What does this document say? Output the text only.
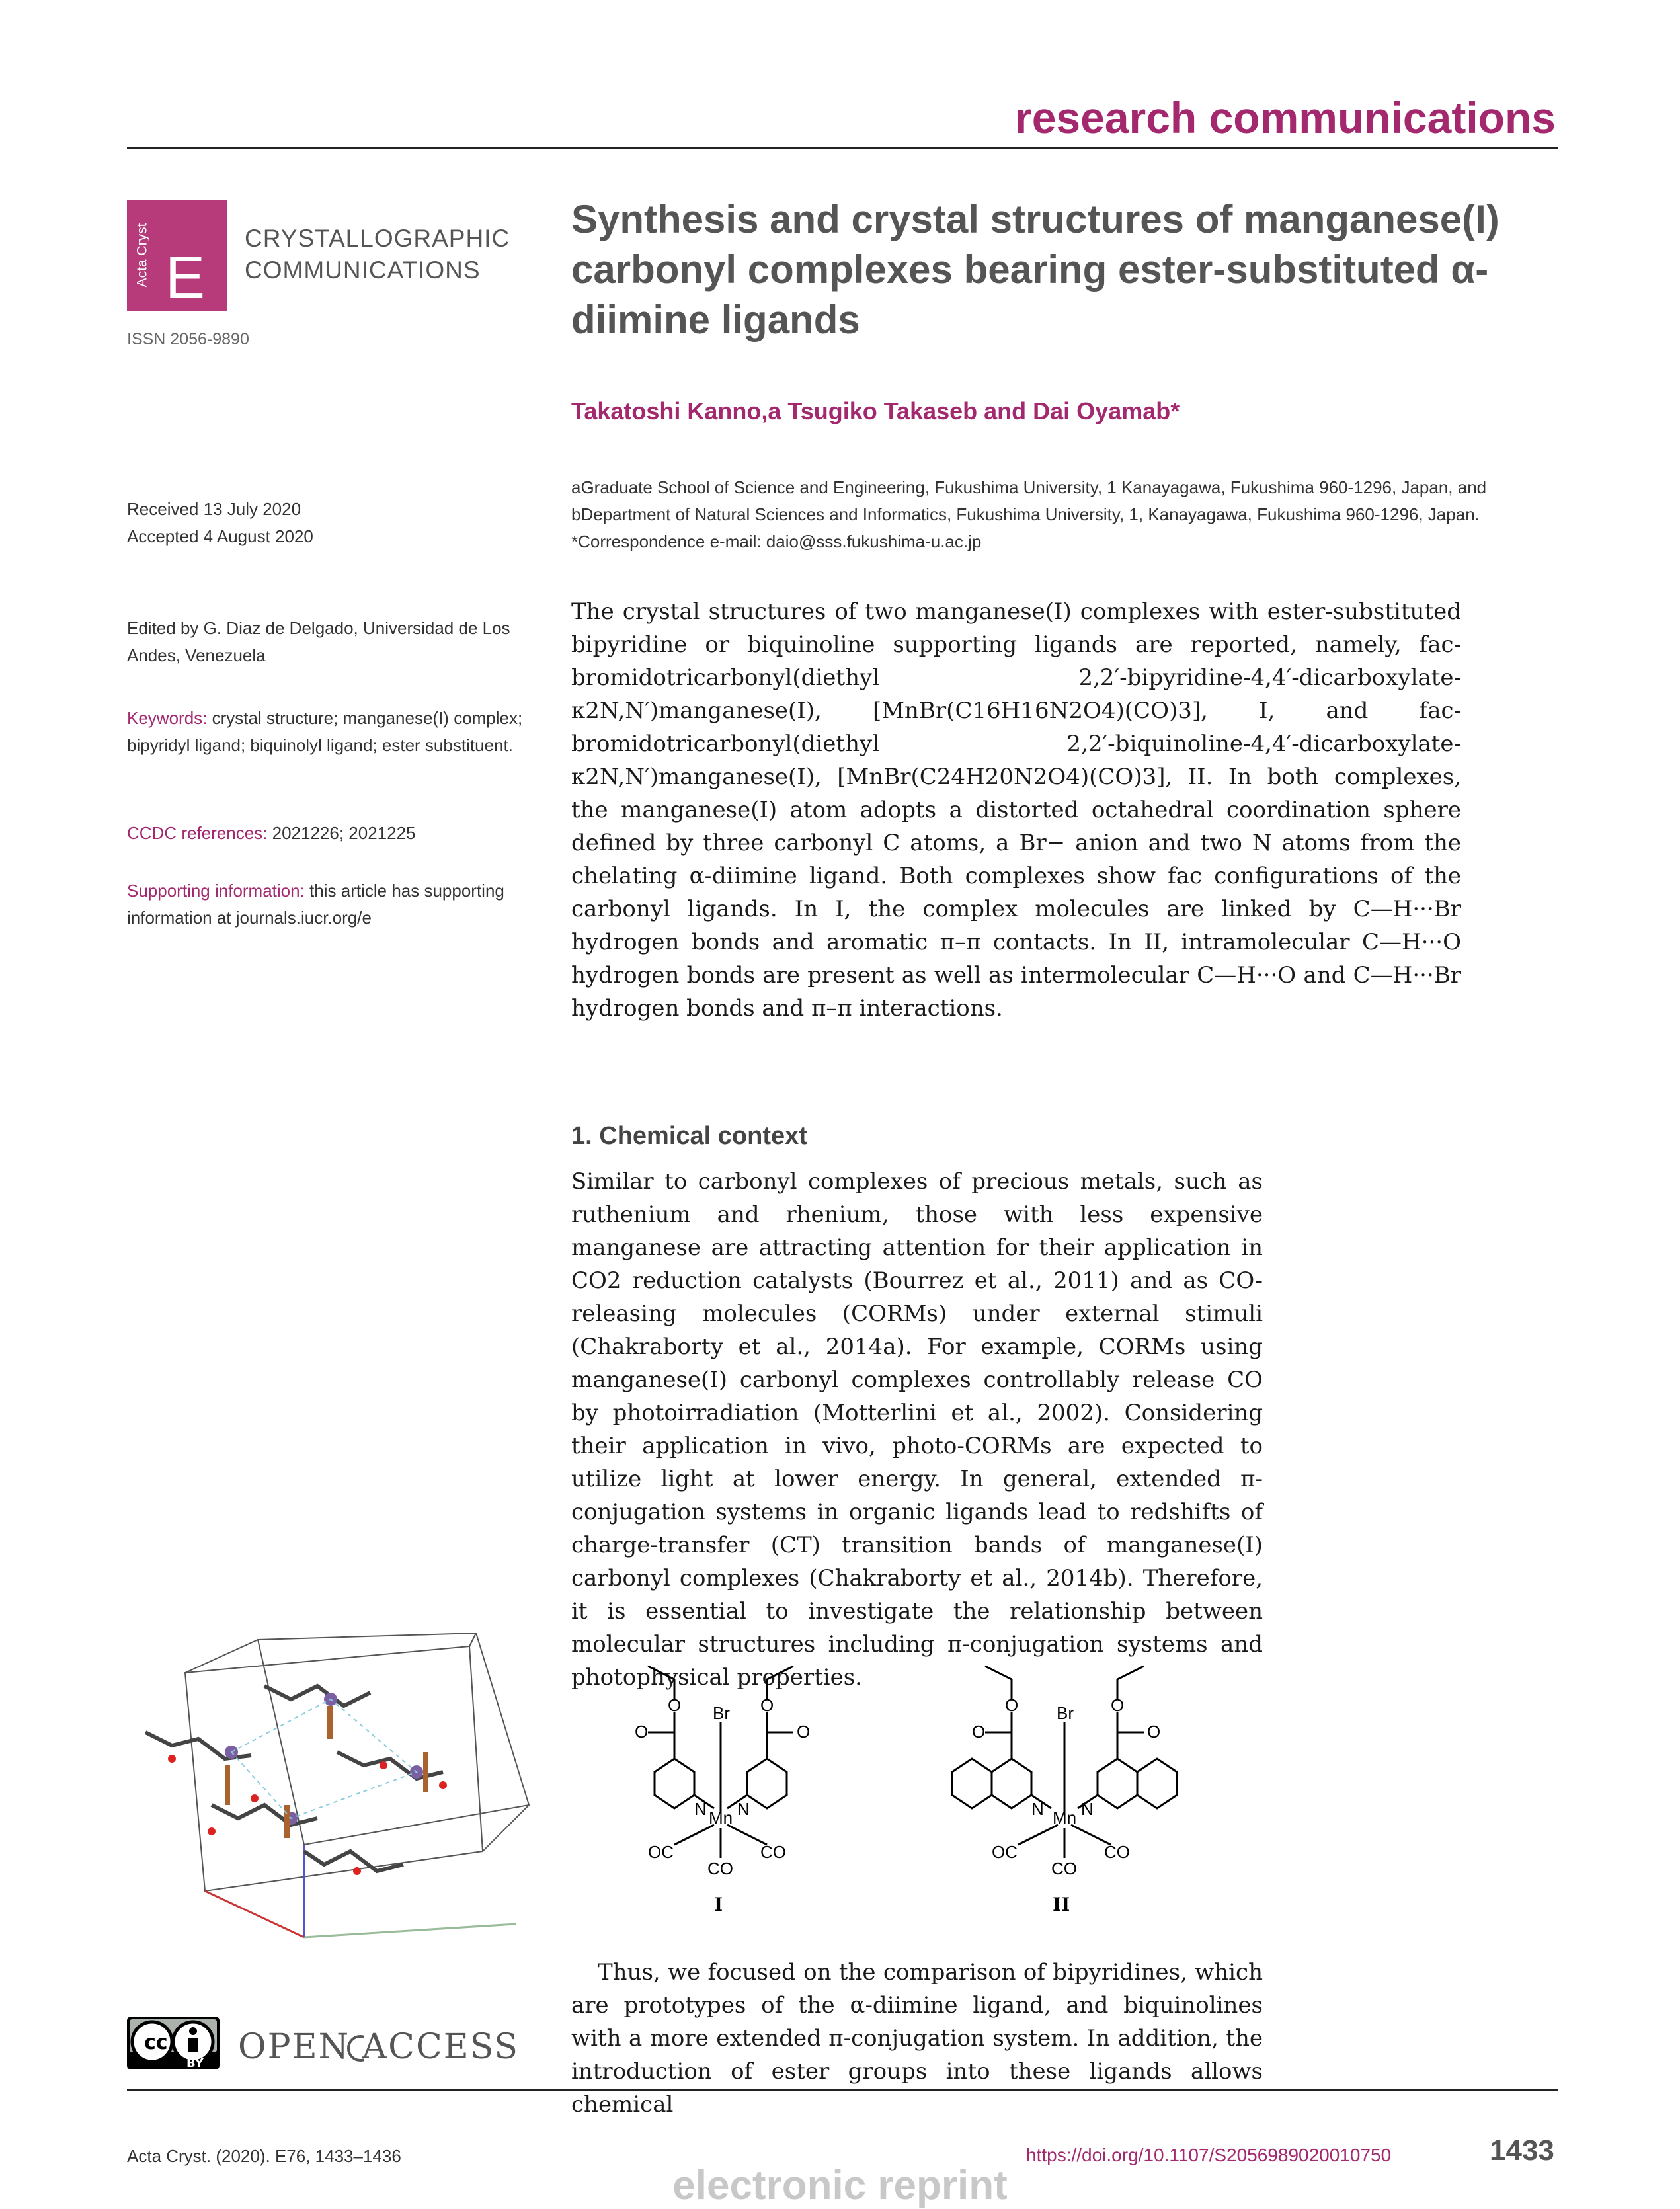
research communications
Acta Cryst E
CRYSTALLOGRAPHIC
COMMUNICATIONS
ISSN 2056-9890
Received 13 July 2020
Accepted 4 August 2020
Edited by G. Diaz de Delgado, Universidad de Los Andes, Venezuela
Keywords: crystal structure; manganese(I) complex; bipyridyl ligand; biquinolyl ligand; ester substituent.
CCDC references: 2021226; 2021225
Supporting information: this article has supporting information at journals.iucr.org/e
cc
BY OPEN ACCESS
Synthesis and crystal structures of manganese(I) carbonyl complexes bearing ester-substituted α-diimine ligands
Takatoshi Kanno,a Tsugiko Takaseb and Dai Oyamab*
aGraduate School of Science and Engineering, Fukushima University, 1 Kanayagawa, Fukushima 960-1296, Japan, and
bDepartment of Natural Sciences and Informatics, Fukushima University, 1, Kanayagawa, Fukushima 960-1296, Japan.
*Correspondence e-mail: daio@sss.fukushima-u.ac.jp

The crystal structures of two manganese(I) complexes with ester-substituted bipyridine or biquinoline supporting ligands are reported, namely, fac-bromidotricarbonyl(diethyl 2,2′-bipyridine-4,4′-dicarboxylate-κ2N,N′)manganese(I), [MnBr(C16H16N2O4)(CO)3], I, and fac-bromidotricarbonyl(diethyl 2,2′-biquinoline-4,4′-dicarboxylate-κ2N,N′)manganese(I), [MnBr(C24H20N2O4)(CO)3], II. In both complexes, the manganese(I) atom adopts a distorted octahedral coordination sphere defined by three carbonyl C atoms, a Br− anion and two N atoms from the chelating α-diimine ligand. Both complexes show fac configurations of the carbonyl ligands. In I, the complex molecules are linked by C—H···Br hydrogen bonds and aromatic π–π contacts. In II, intramolecular C—H···O hydrogen bonds are present as well as intermolecular C—H···O and C—H···Br hydrogen bonds and π–π interactions.

1. Chemical context

Similar to carbonyl complexes of precious metals, such as ruthenium and rhenium, those with less expensive manganese are attracting attention for their application in CO2 reduction catalysts (Bourrez et al., 2011) and as CO-releasing molecules (CORMs) under external stimuli (Chakraborty et al., 2014a). For example, CORMs using manganese(I) carbonyl complexes controllably release CO by photoirradiation (Motterlini et al., 2002). Considering their application in vivo, photo-CORMs are expected to utilize light at lower energy. In general, extended π-conjugation systems in organic ligands lead to redshifts of charge-transfer (CT) transition bands of manganese(I) carbonyl complexes (Chakraborty et al., 2014b). Therefore, it is essential to investigate the relationship between molecular structures including π-conjugation systems and photophysical properties.

Br
Mn
N N
O	O
O	O
OC	CO
CO
Br
Mn
N N
O	O
O	O
OC	CO
CO
I	II

Thus, we focused on the comparison of bipyridines, which are prototypes of the α-diimine ligand, and biquinolines with a more extended π-conjugation system. In addition, the introduction of ester groups into these ligands allows chemical

Acta Cryst. (2020). E76, 1433–1436	https://doi.org/10.1107/S2056989020010750	1433
electronic reprint
